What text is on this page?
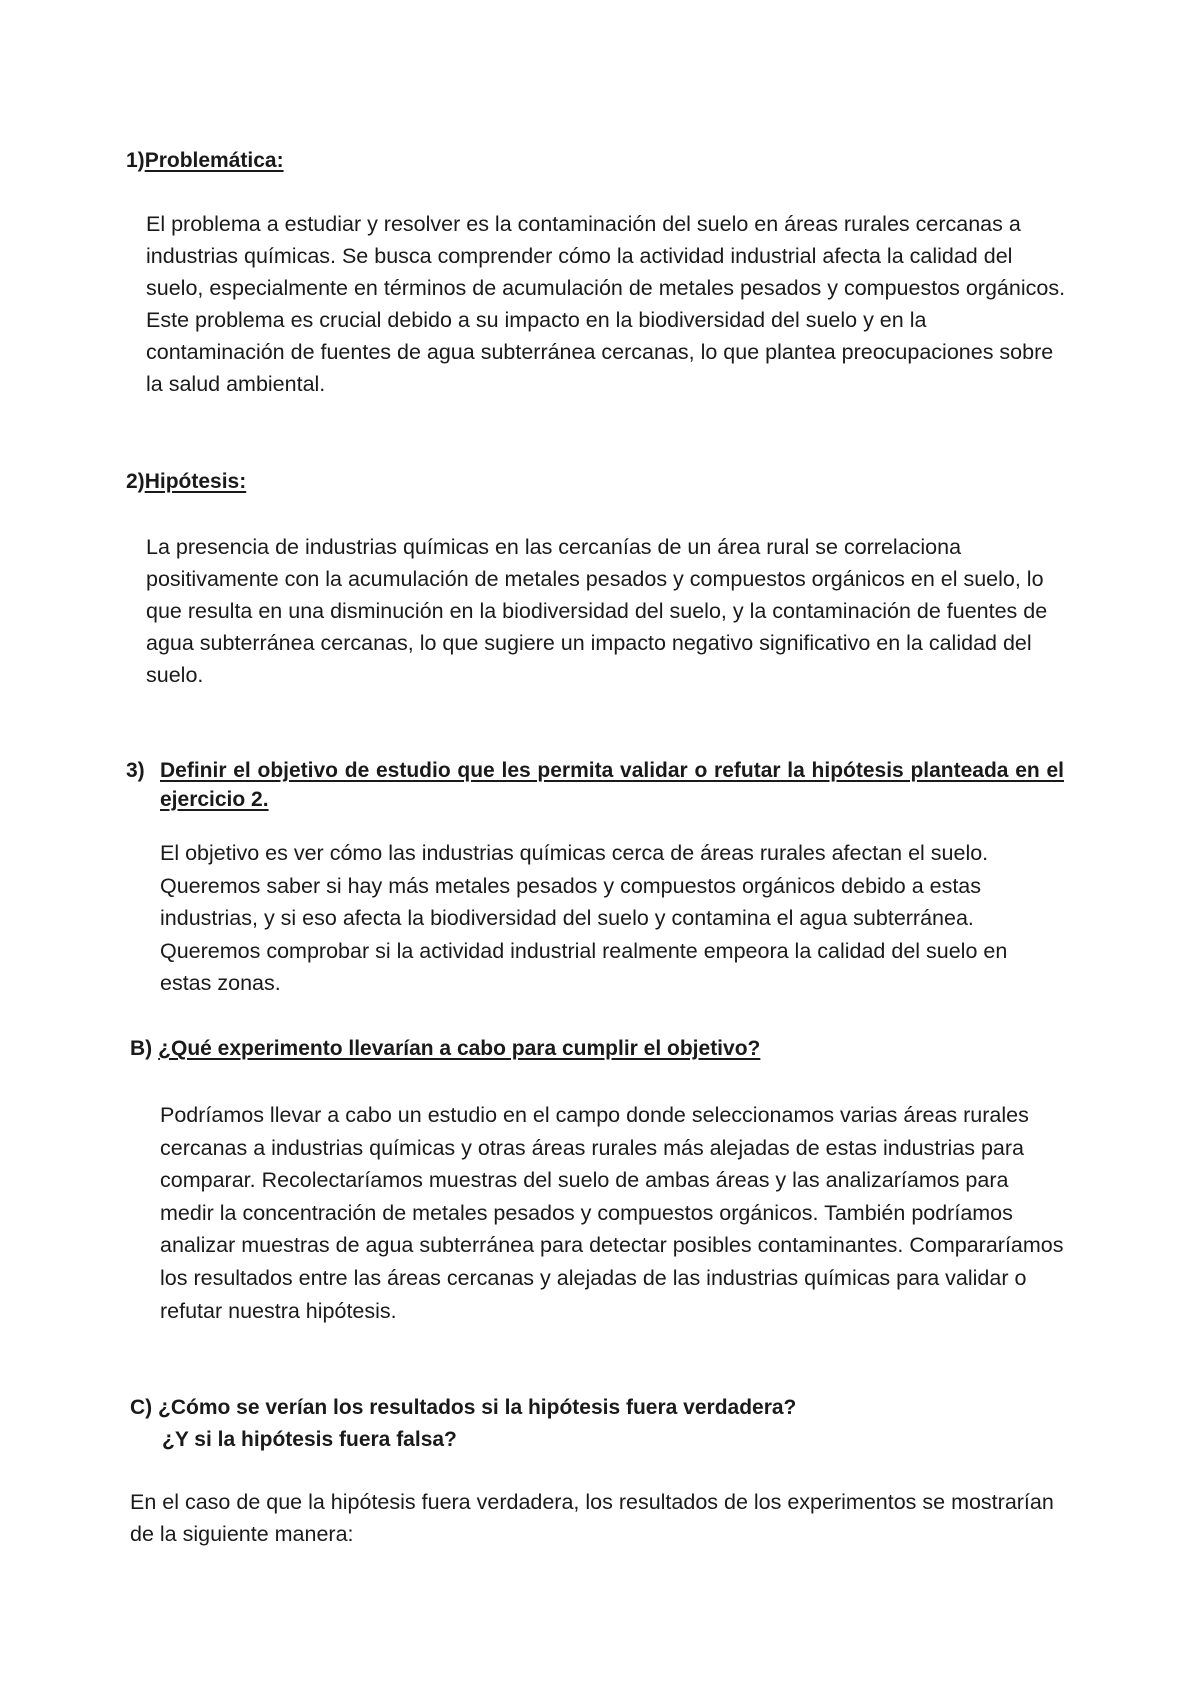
1)Problemática:
El problema a estudiar y resolver es la contaminación del suelo en áreas rurales cercanas a industrias químicas. Se busca comprender cómo la actividad industrial afecta la calidad del suelo, especialmente en términos de acumulación de metales pesados y compuestos orgánicos. Este problema es crucial debido a su impacto en la biodiversidad del suelo y en la contaminación de fuentes de agua subterránea cercanas, lo que plantea preocupaciones sobre la salud ambiental.
2)Hipótesis:
La presencia de industrias químicas en las cercanías de un área rural se correlaciona positivamente con la acumulación de metales pesados y compuestos orgánicos en el suelo, lo que resulta en una disminución en la biodiversidad del suelo, y la contaminación de fuentes de agua subterránea cercanas, lo que sugiere un impacto negativo significativo en la calidad del suelo.
3) Definir el objetivo de estudio que les permita validar o refutar la hipótesis planteada en el ejercicio 2.
El objetivo es ver cómo las industrias químicas cerca de áreas rurales afectan el suelo. Queremos saber si hay más metales pesados y compuestos orgánicos debido a estas industrias, y si eso afecta la biodiversidad del suelo y contamina el agua subterránea. Queremos comprobar si la actividad industrial realmente empeora la calidad del suelo en estas zonas.
B) ¿Qué experimento llevarían a cabo para cumplir el objetivo?
Podríamos llevar a cabo un estudio en el campo donde seleccionamos varias áreas rurales cercanas a industrias químicas y otras áreas rurales más alejadas de estas industrias para comparar. Recolectaríamos muestras del suelo de ambas áreas y las analizaríamos para medir la concentración de metales pesados y compuestos orgánicos. También podríamos analizar muestras de agua subterránea para detectar posibles contaminantes. Compararíamos los resultados entre las áreas cercanas y alejadas de las industrias químicas para validar o refutar nuestra hipótesis.
C) ¿Cómo se verían los resultados si la hipótesis fuera verdadera?
¿Y si la hipótesis fuera falsa?
En el caso de que la hipótesis fuera verdadera, los resultados de los experimentos se mostrarían de la siguiente manera:
